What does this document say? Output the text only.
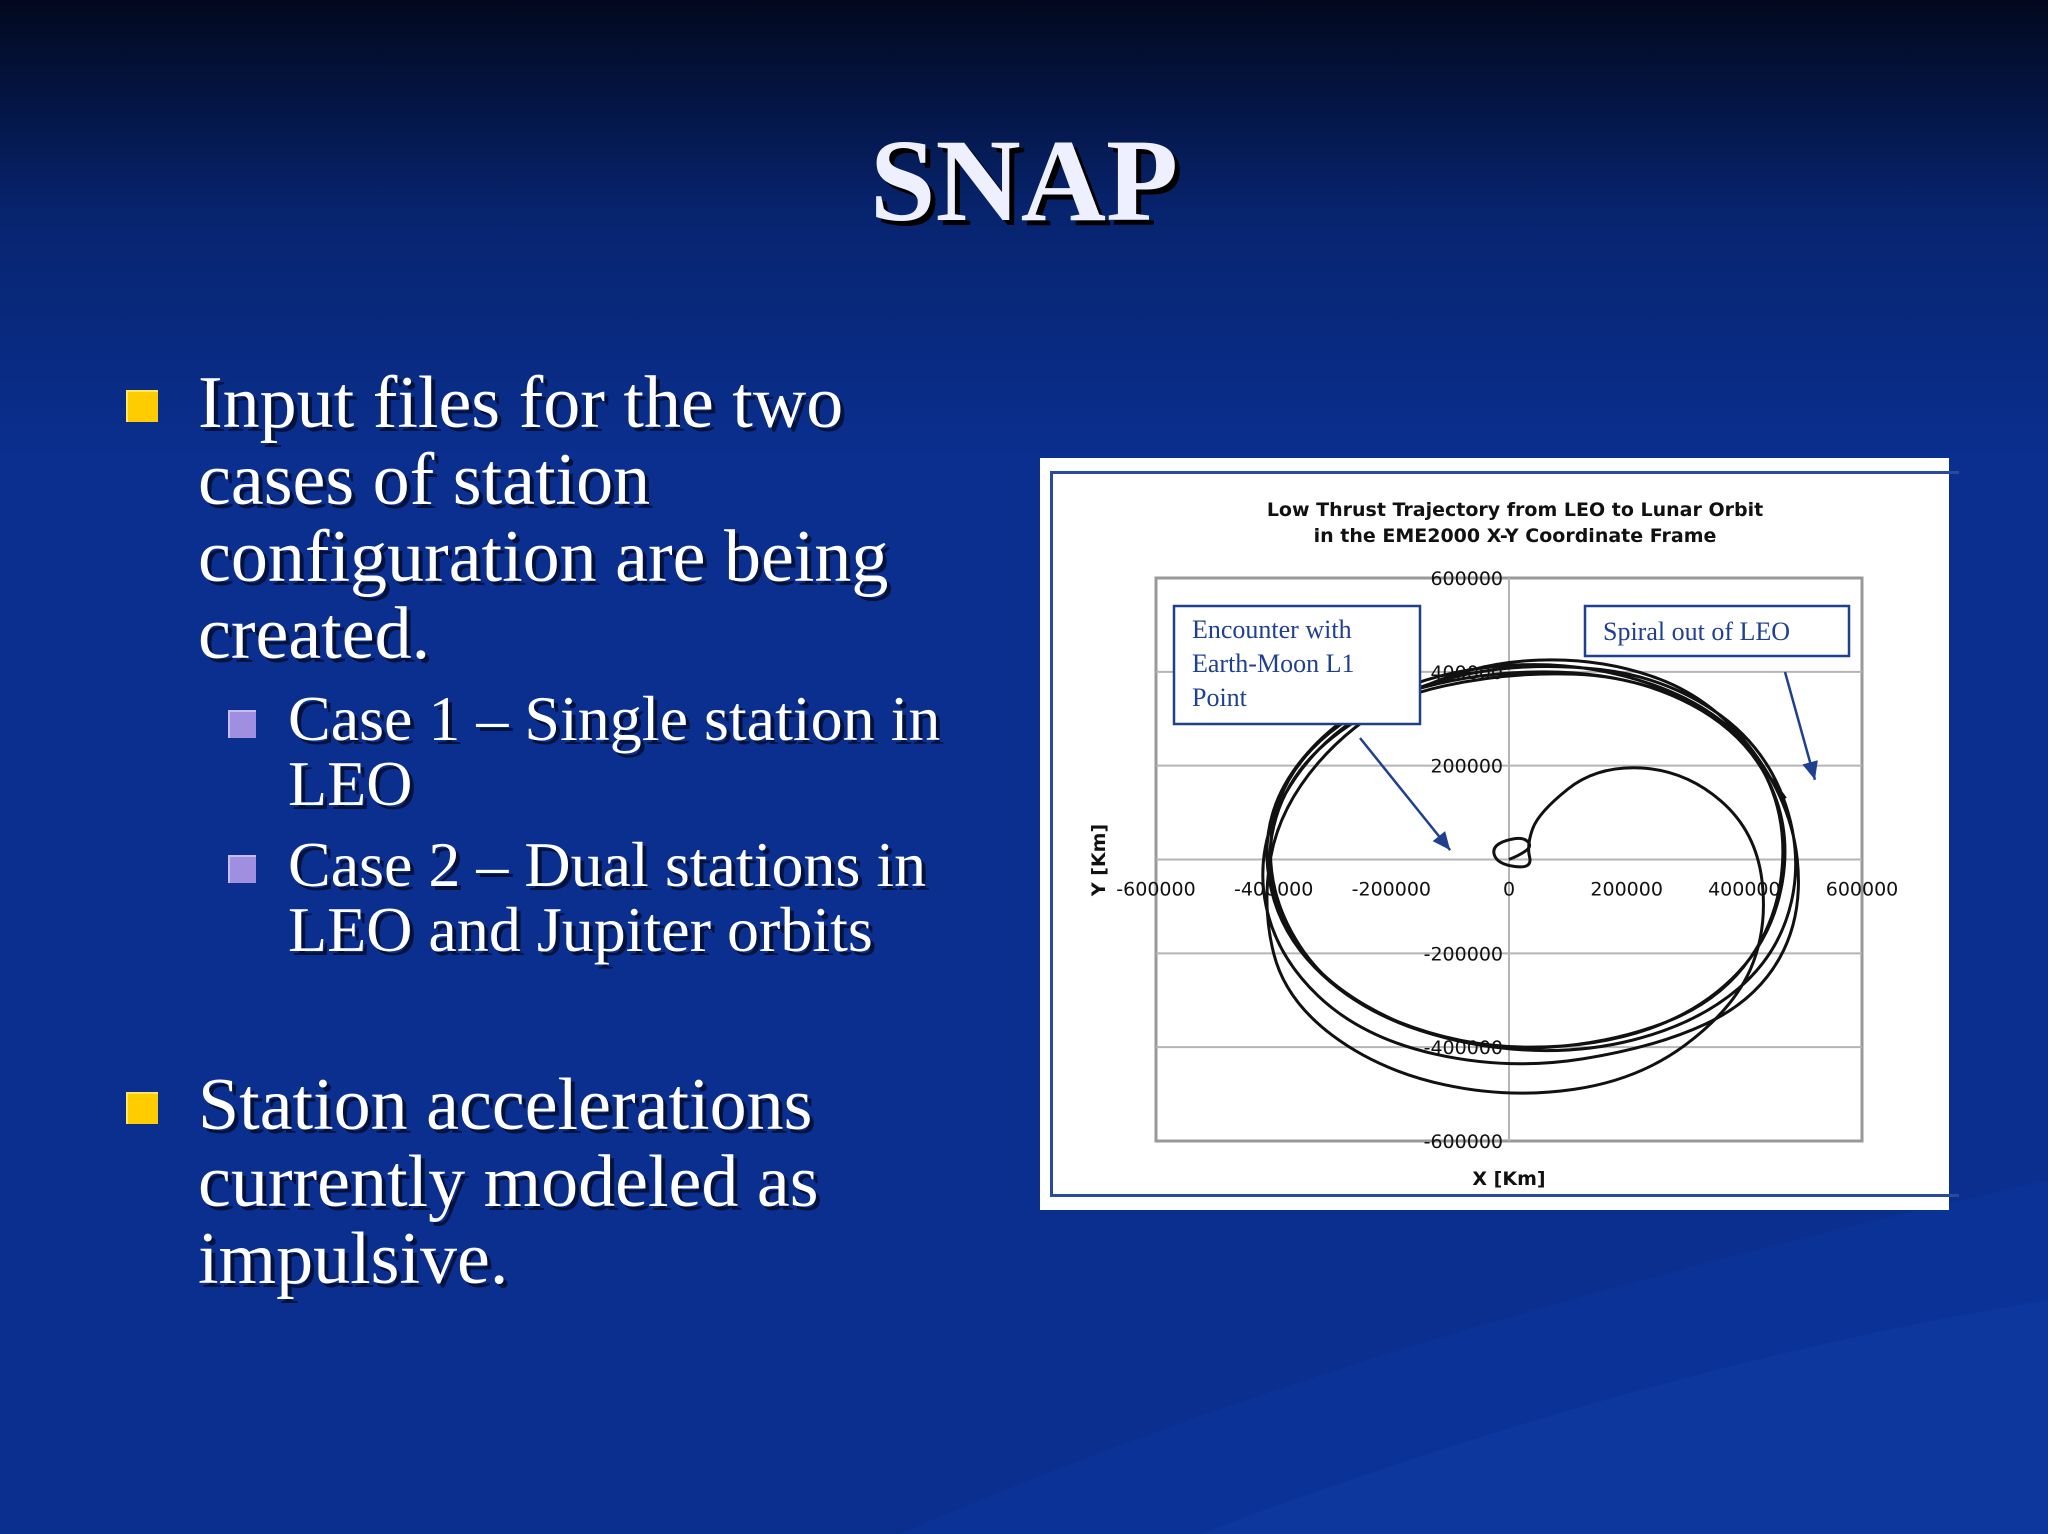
SNAP
Input files for the two
cases of station
configuration are being
created.
Case 1 – Single station in
LEO
Case 2 – Dual stations in
LEO and Jupiter orbits
Station accelerations
currently modeled as
impulsive.
Low Thrust Trajectory from LEO to Lunar Orbit
in the EME2000 X-Y Coordinate Frame
-600000 -400000 -200000	0	200000 400000 600000
600000
400000
200000
-200000
-400000
-600000
Encounter with
Earth-Moon L1
Point
Spiral out of LEO
X [Km]
Y [Km]
